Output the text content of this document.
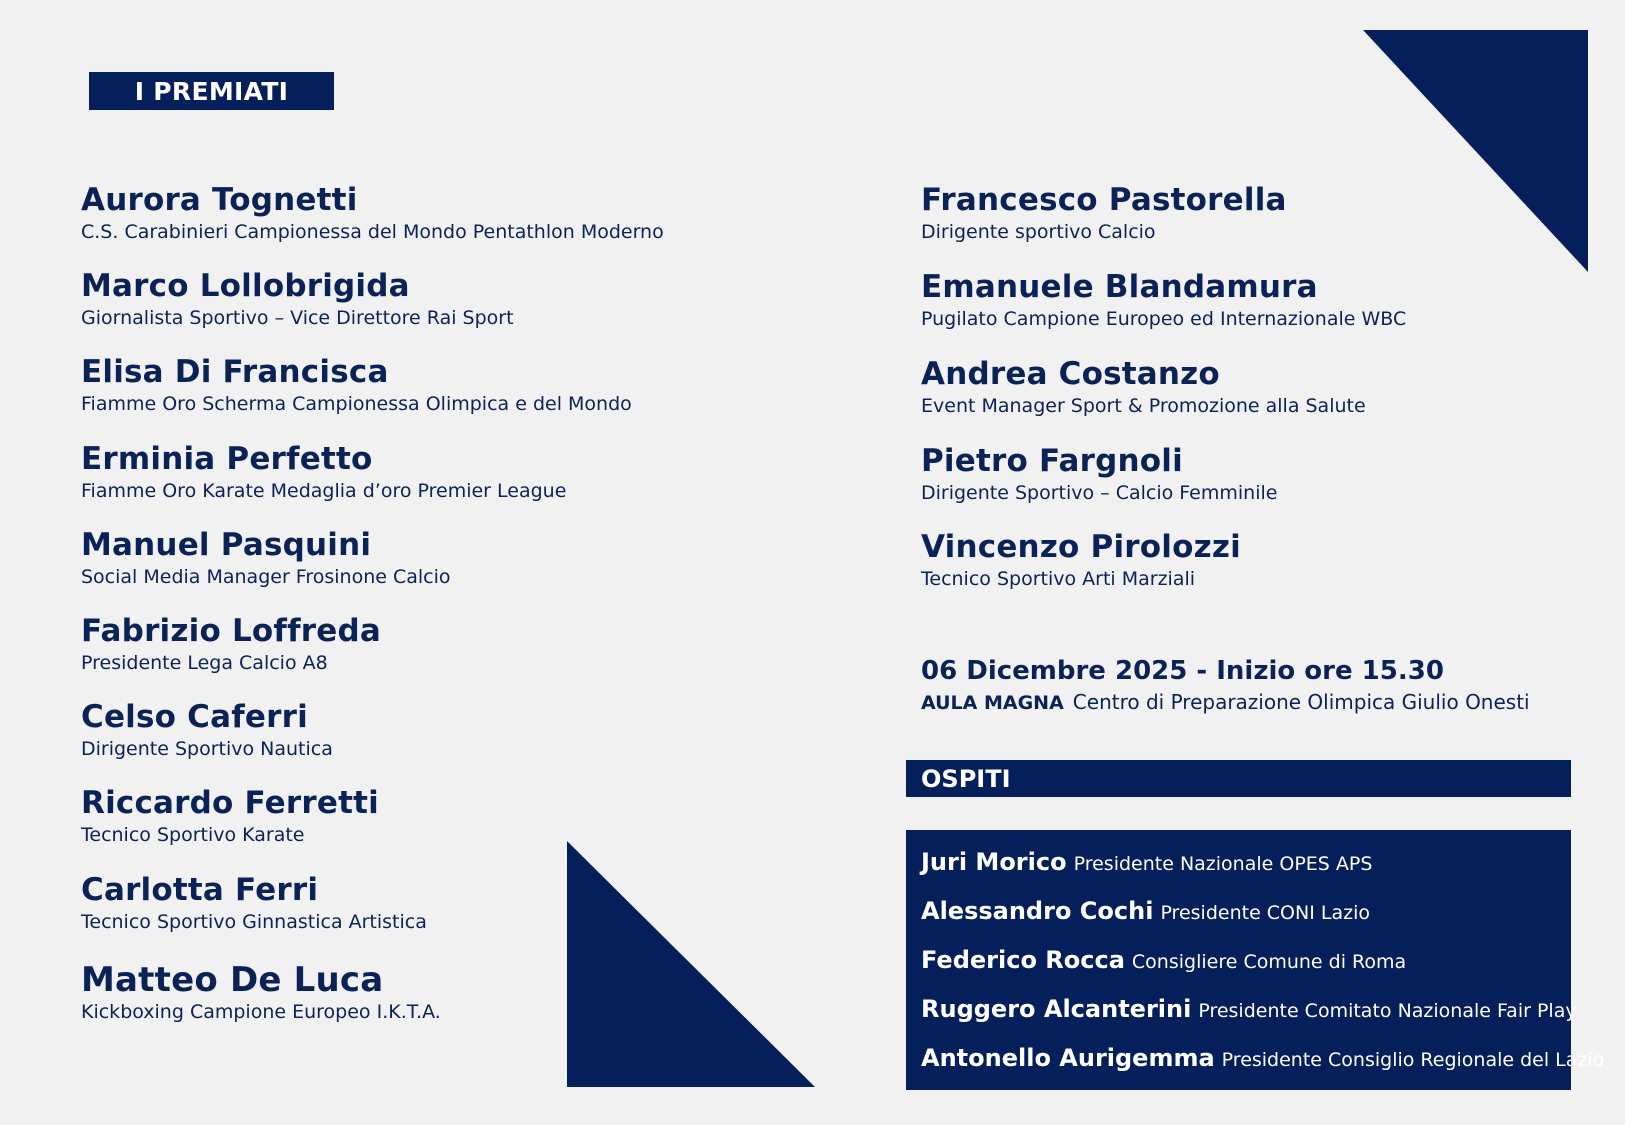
I PREMIATI
Aurora Tognetti
C.S. Carabinieri Campionessa del Mondo Pentathlon Moderno
Marco Lollobrigida
Giornalista Sportivo – Vice Direttore Rai Sport
Elisa Di Francisca
Fiamme Oro Scherma Campionessa Olimpica e del Mondo
Erminia Perfetto
Fiamme Oro Karate Medaglia d’oro Premier League
Manuel Pasquini
Social Media Manager Frosinone Calcio
Fabrizio Loffreda
Presidente Lega Calcio A8
Celso Caferri
Dirigente Sportivo Nautica
Riccardo Ferretti
Tecnico Sportivo Karate
Carlotta Ferri
Tecnico Sportivo Ginnastica Artistica
Matteo De Luca
Kickboxing Campione Europeo I.K.T.A.
Francesco Pastorella
Dirigente sportivo Calcio
Emanuele Blandamura
Pugilato Campione Europeo ed Internazionale WBC
Andrea Costanzo
Event Manager Sport & Promozione alla Salute
Pietro Fargnoli
Dirigente Sportivo – Calcio Femminile
Vincenzo Pirolozzi
Tecnico Sportivo Arti Marziali
06 Dicembre 2025 - Inizio ore 15.30
AULA MAGNA Centro di Preparazione Olimpica Giulio Onesti
OSPITI
Juri Morico Presidente Nazionale OPES APS
Alessandro Cochi Presidente CONI Lazio
Federico Rocca Consigliere Comune di Roma
Ruggero Alcanterini Presidente Comitato Nazionale Fair Play
Antonello Aurigemma Presidente Consiglio Regionale del Lazio
